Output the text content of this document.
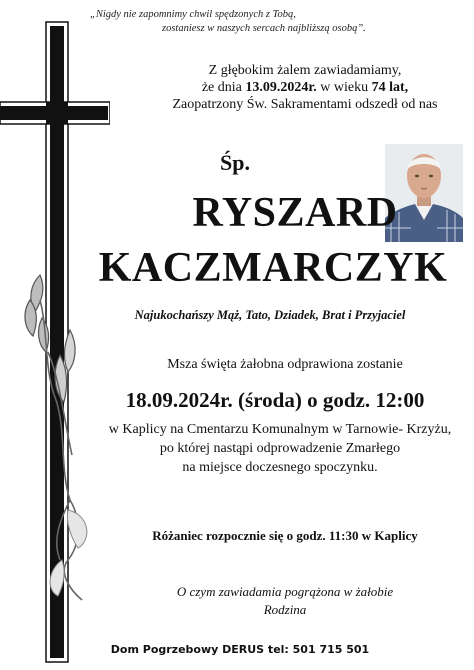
„Nigdy nie zapomnimy chwil spędzonych z Tobą,
zostaniesz w naszych sercach najbliższą osobą”.
Z głębokim żalem zawiadamiamy,
że dnia 13.09.2024r. w wieku 74 lat,
Zaopatrzony Św. Sakramentami odszedł od nas
Śp.
RYSZARD
KACZMARCZYK
Najukochańszy Mąż, Tato, Dziadek, Brat i Przyjaciel
Msza święta żałobna odprawiona zostanie
18.09.2024r. (środa) o godz. 12:00
w Kaplicy na Cmentarzu Komunalnym w Tarnowie- Krzyżu,
po której nastąpi odprowadzenie Zmarłego
na miejsce doczesnego spoczynku.
Różaniec rozpocznie się o godz. 11:30 w Kaplicy
O czym zawiadamia pogrążona w żałobie
Rodzina
Dom Pogrzebowy DERUS tel: 501 715 501
